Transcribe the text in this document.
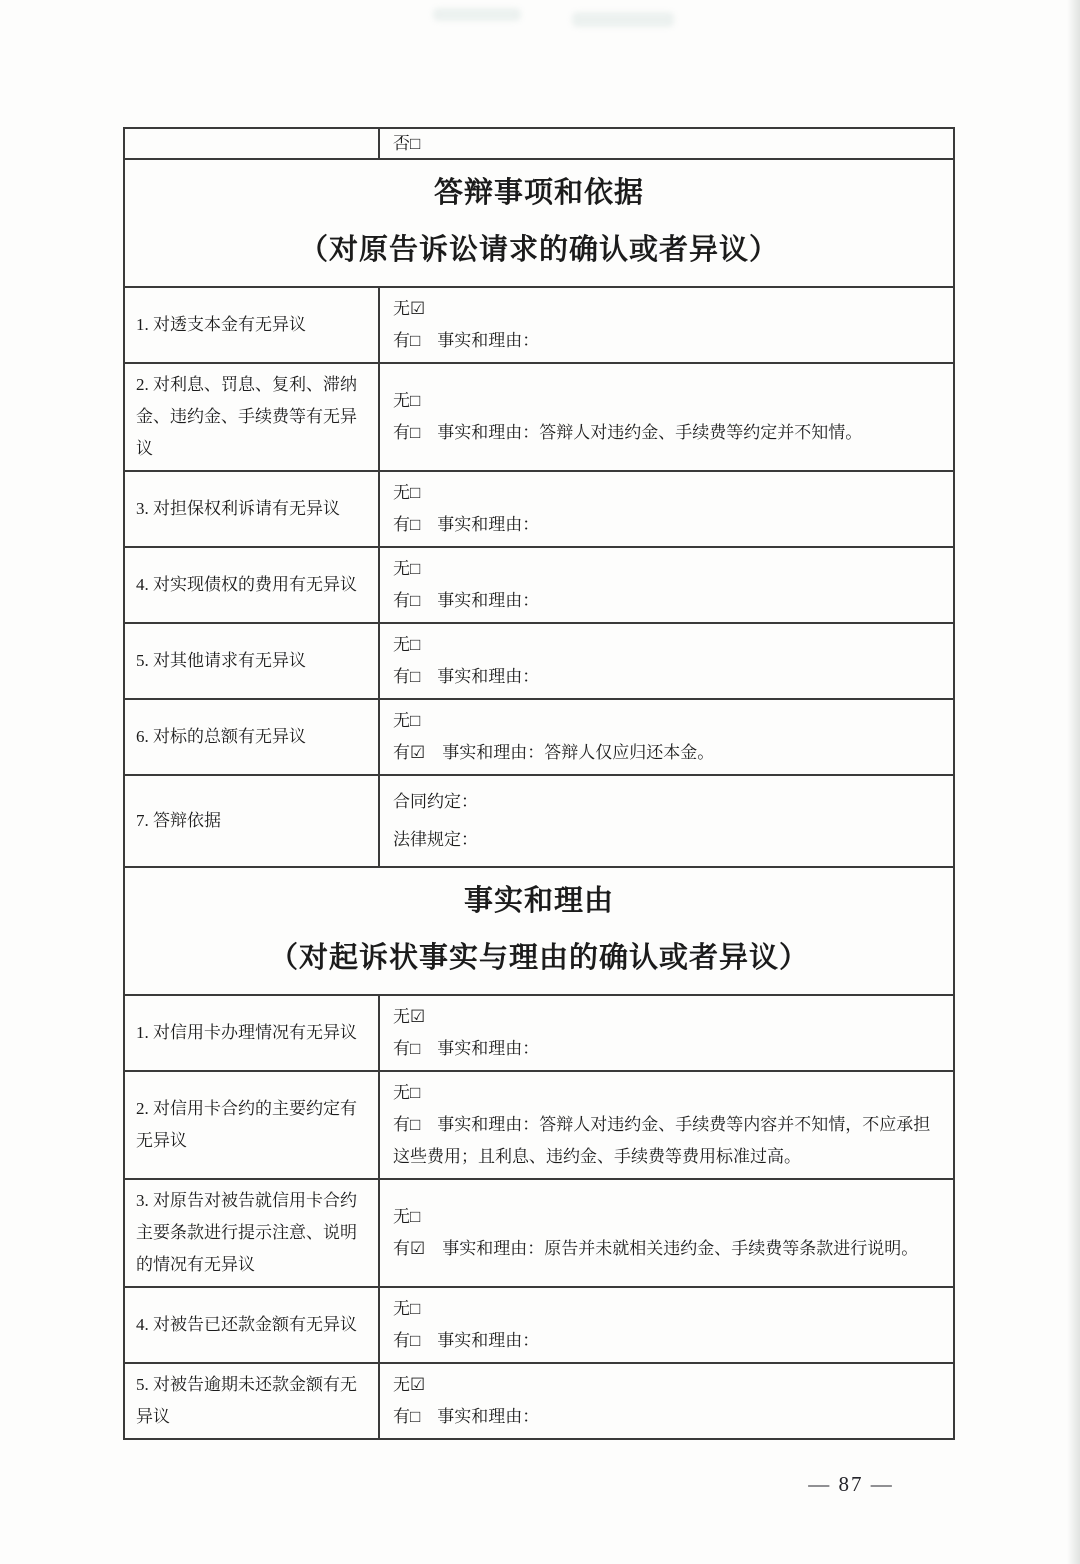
否□
答辩事项和依据
（对原告诉讼请求的确认或者异议）
1. 对透支本金有无异议
无☑
有□　事实和理由：
2. 对利息、罚息、复利、滞纳金、违约金、手续费等有无异议
无□
有□　事实和理由：答辩人对违约金、手续费等约定并不知情。
3. 对担保权利诉请有无异议
无□
有□　事实和理由：
4. 对实现债权的费用有无异议
无□
有□　事实和理由：
5. 对其他请求有无异议
无□
有□　事实和理由：
6. 对标的总额有无异议
无□
有☑　事实和理由：答辩人仅应归还本金。
7. 答辩依据
合同约定：
法律规定：
事实和理由
（对起诉状事实与理由的确认或者异议）
1. 对信用卡办理情况有无异议
无☑
有□　事实和理由：
2. 对信用卡合约的主要约定有无异议
无□
有□　事实和理由：答辩人对违约金、手续费等内容并不知情，不应承担这些费用；且利息、违约金、手续费等费用标准过高。
3. 对原告对被告就信用卡合约主要条款进行提示注意、说明的情况有无异议
无□
有☑　事实和理由：原告并未就相关违约金、手续费等条款进行说明。
4. 对被告已还款金额有无异议
无□
有□　事实和理由：
5. 对被告逾期未还款金额有无异议
无☑
有□　事实和理由：
— 87 —
